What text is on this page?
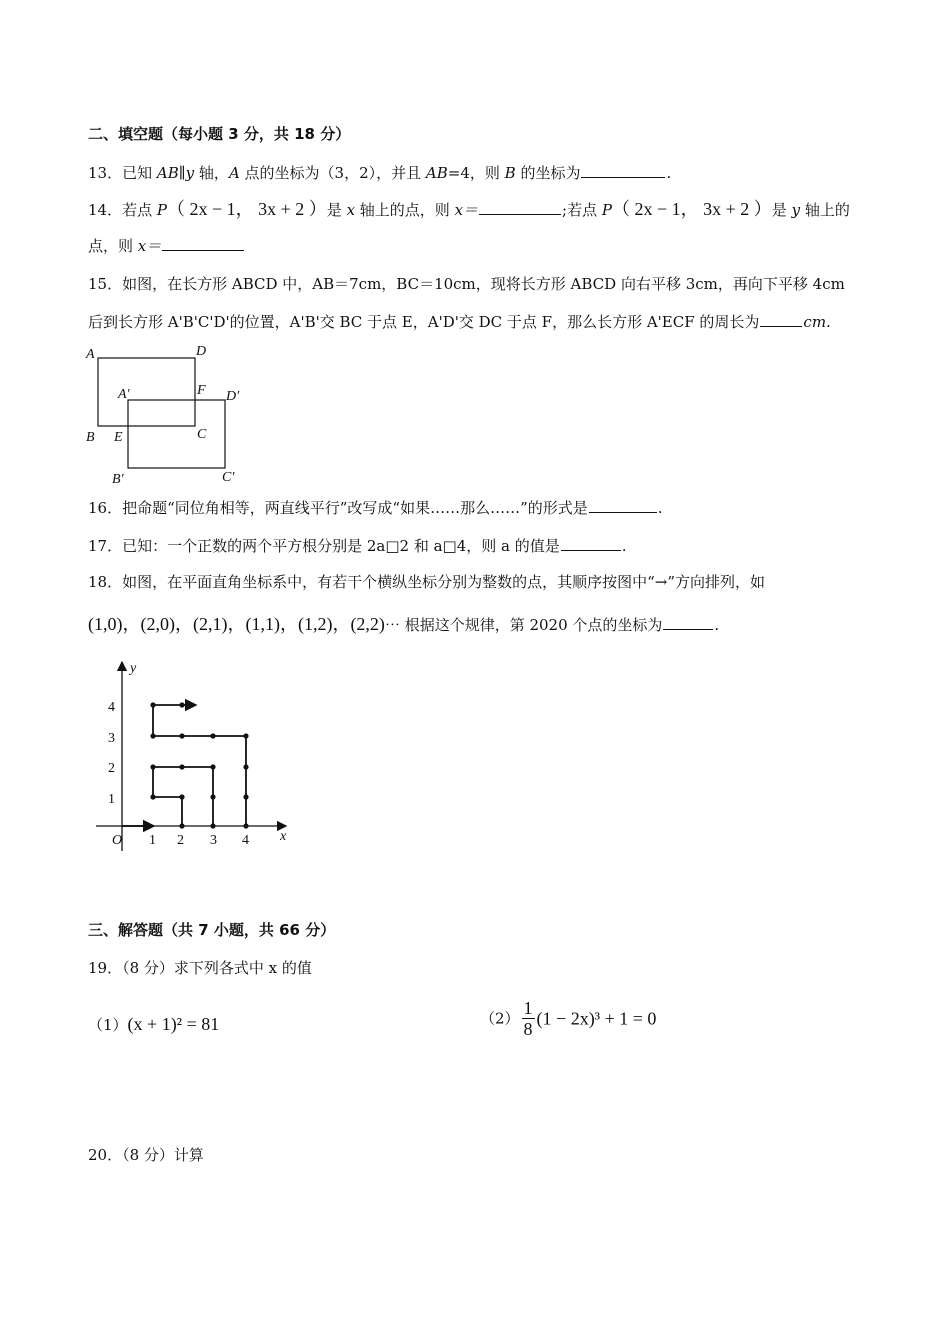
二、填空题（每小题 3 分，共 18 分）
13．已知 AB∥y 轴，A 点的坐标为（3，2），并且 AB=4，则 B 的坐标为	.
14．若点 P（ 2x − 1， 3x + 2 ）是 x 轴上的点，则 x＝	;若点 P（ 2x − 1， 3x + 2 ）是 y 轴上的
点，则 x＝
15．如图，在长方形 ABCD 中，AB＝7cm，BC＝10cm，现将长方形 ABCD 向右平移 3cm，再向下平移 4cm
后到长方形 A'B'C'D'的位置，A'B'交 BC 于点 E，A'D'交 DC 于点 F，那么长方形 A'ECF 的周长为	cm.
A	D
A′	F D′
B E	C
B′	C′
16．把命题“同位角相等，两直线平行”改写成“如果……那么……”的形式是	.
17．已知：一个正数的两个平方根分别是 2a□2 和 a□4，则 a 的值是	.
18．如图，在平面直角坐标系中，有若干个横纵坐标分别为整数的点，其顺序按图中“→”方向排列，如
(1,0)，(2,0)，(2,1)，(1,1)，(1,2)，(2,2)⋯ 根据这个规律，第 2020 个点的坐标为	.
y
x
O 1 2 3 4
1
2
3
4
三、解答题（共 7 小题，共 66 分）
19．（8 分）求下列各式中 x 的值
（1）(x + 1)² = 81	$(2) \frac{1}{8} (1 - 2x)^3 + 1 = 0$
20．（8 分）计算
